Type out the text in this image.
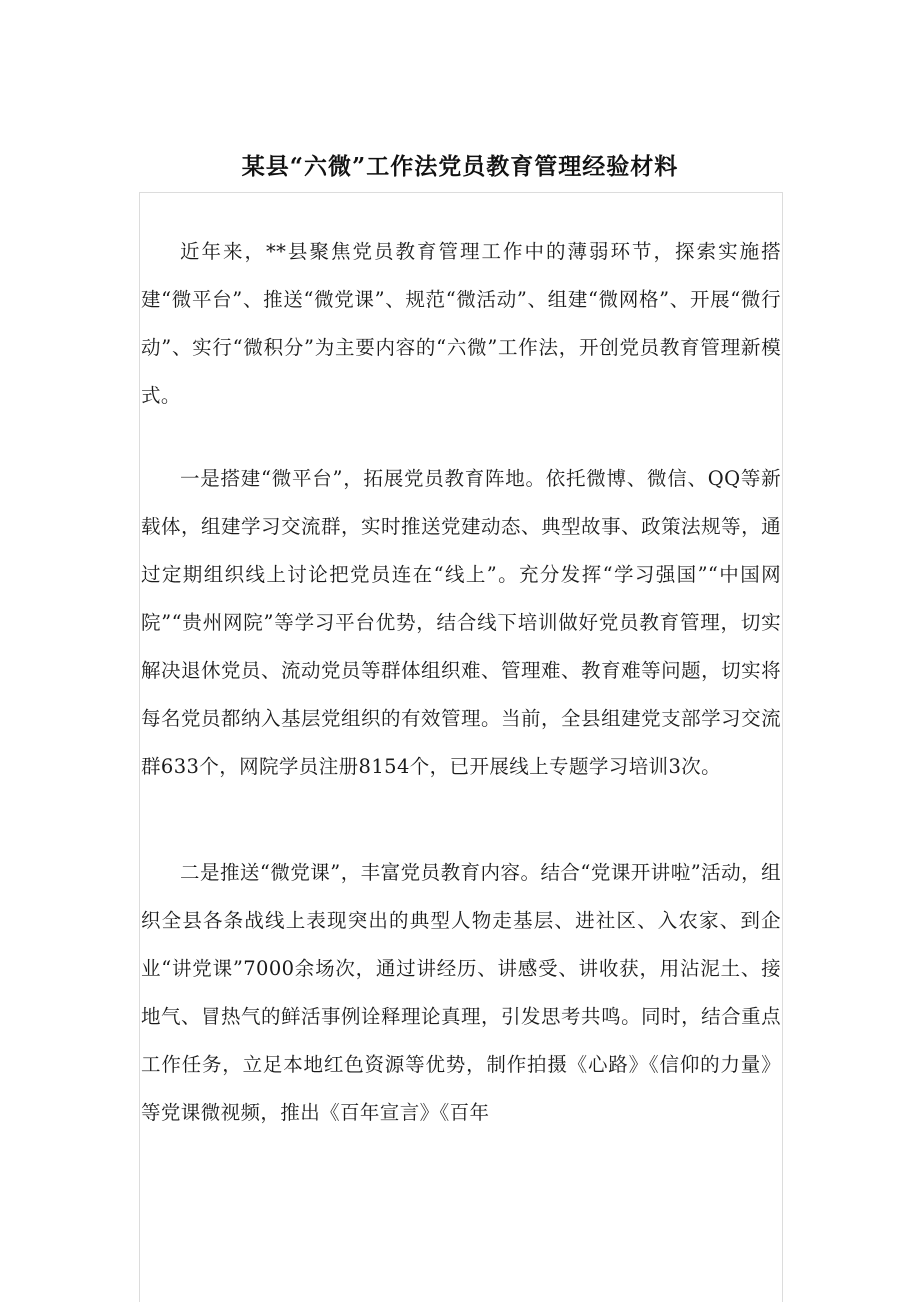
某县“六微”工作法党员教育管理经验材料

近年来，**县聚焦党员教育管理工作中的薄弱环节，探索实施搭建“微平台”、推送“微党课”、规范“微活动”、组建“微网格”、开展“微行动”、实行“微积分”为主要内容的“六微”工作法，开创党员教育管理新模式。

一是搭建“微平台”，拓展党员教育阵地。依托微博、微信、QQ等新载体，组建学习交流群，实时推送党建动态、典型故事、政策法规等，通过定期组织线上讨论把党员连在“线上”。充分发挥“学习强国”“中国网院”“贵州网院”等学习平台优势，结合线下培训做好党员教育管理，切实解决退休党员、流动党员等群体组织难、管理难、教育难等问题，切实将每名党员都纳入基层党组织的有效管理。当前，全县组建党支部学习交流群633个，网院学员注册8154个，已开展线上专题学习培训3次。

二是推送“微党课”，丰富党员教育内容。结合“党课开讲啦”活动，组织全县各条战线上表现突出的典型人物走基层、进社区、入农家、到企业“讲党课”7000余场次，通过讲经历、讲感受、讲收获，用沾泥土、接地气、冒热气的鲜活事例诠释理论真理，引发思考共鸣。同时，结合重点工作任务，立足本地红色资源等优势，制作拍摄《心路》《信仰的力量》等党课微视频，推出《百年宣言》《百年
